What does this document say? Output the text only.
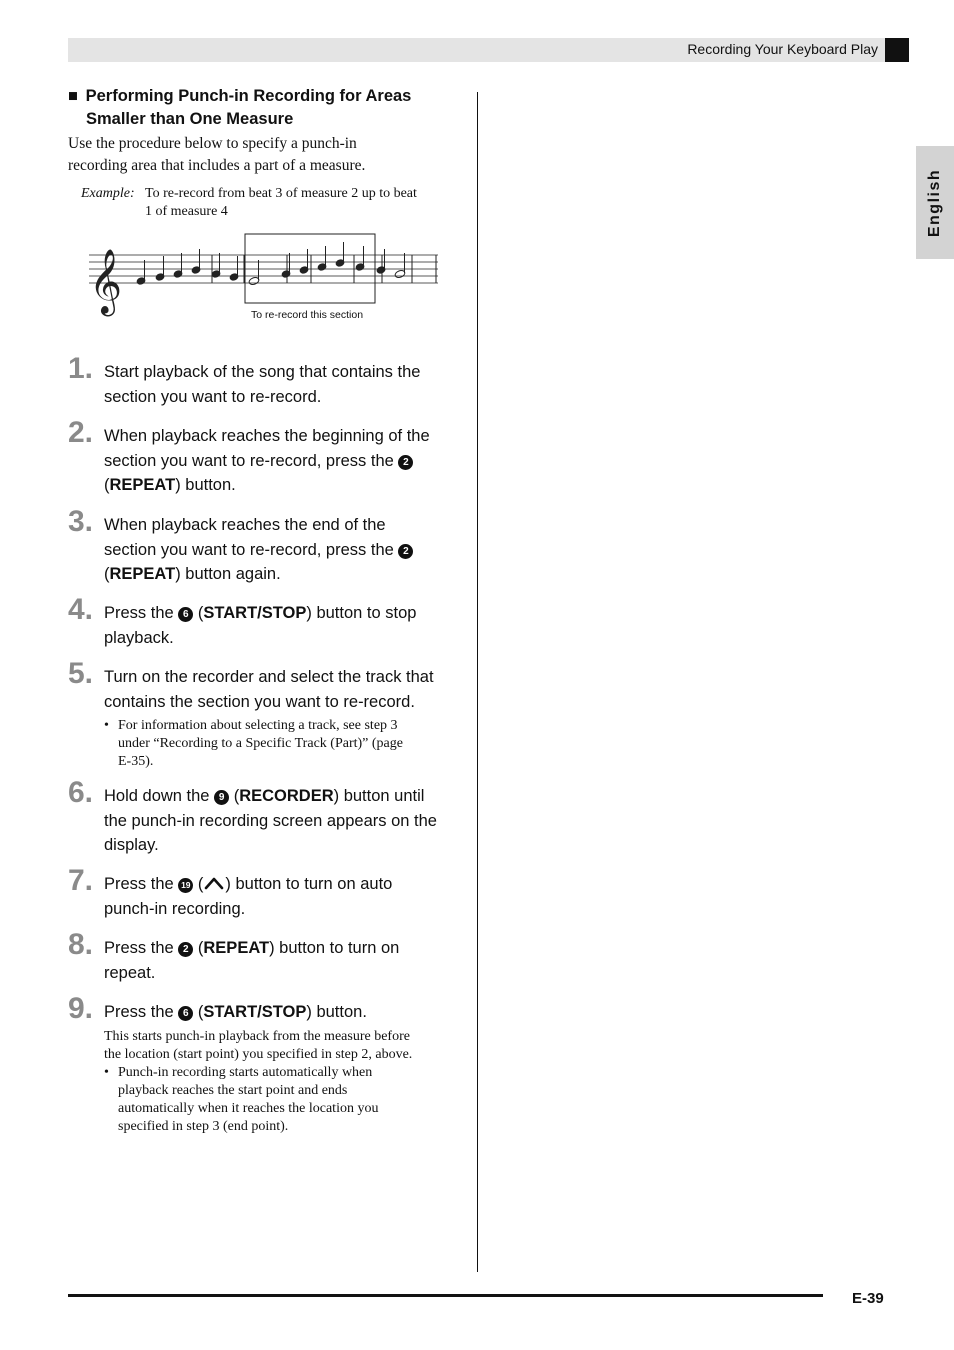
Recording Your Keyboard Play
English
■ Performing Punch-in Recording for Areas
Smaller than One Measure
Use the procedure below to specify a punch-in
recording area that includes a part of a measure.
Example: To re-record from beat 3 of measure 2 up to beat
1 of measure 4
𝄞
To re-record this section
1. Start playback of the song that contains the
section you want to re-record.
2. When playback reaches the beginning of the
section you want to re-record, press the 2
(REPEAT) button.
3. When playback reaches the end of the
section you want to re-record, press the 2
(REPEAT) button again.
4. Press the 6 (START/STOP) button to stop
playback.
5. Turn on the recorder and select the track that
contains the section you want to re-record.
• For information about selecting a track, see step 3
under “Recording to a Specific Track (Part)” (page
E-35).
6. Hold down the 9 (RECORDER) button until
the punch-in recording screen appears on the
display.
7. Press the 19 ( ) button to turn on auto
punch-in recording.
8. Press the 2 (REPEAT) button to turn on
repeat.
9. Press the 6 (START/STOP) button.
This starts punch-in playback from the measure before
the location (start point) you specified in step 2, above.
• Punch-in recording starts automatically when
playback reaches the start point and ends
automatically when it reaches the location you
specified in step 3 (end point).
E-39
